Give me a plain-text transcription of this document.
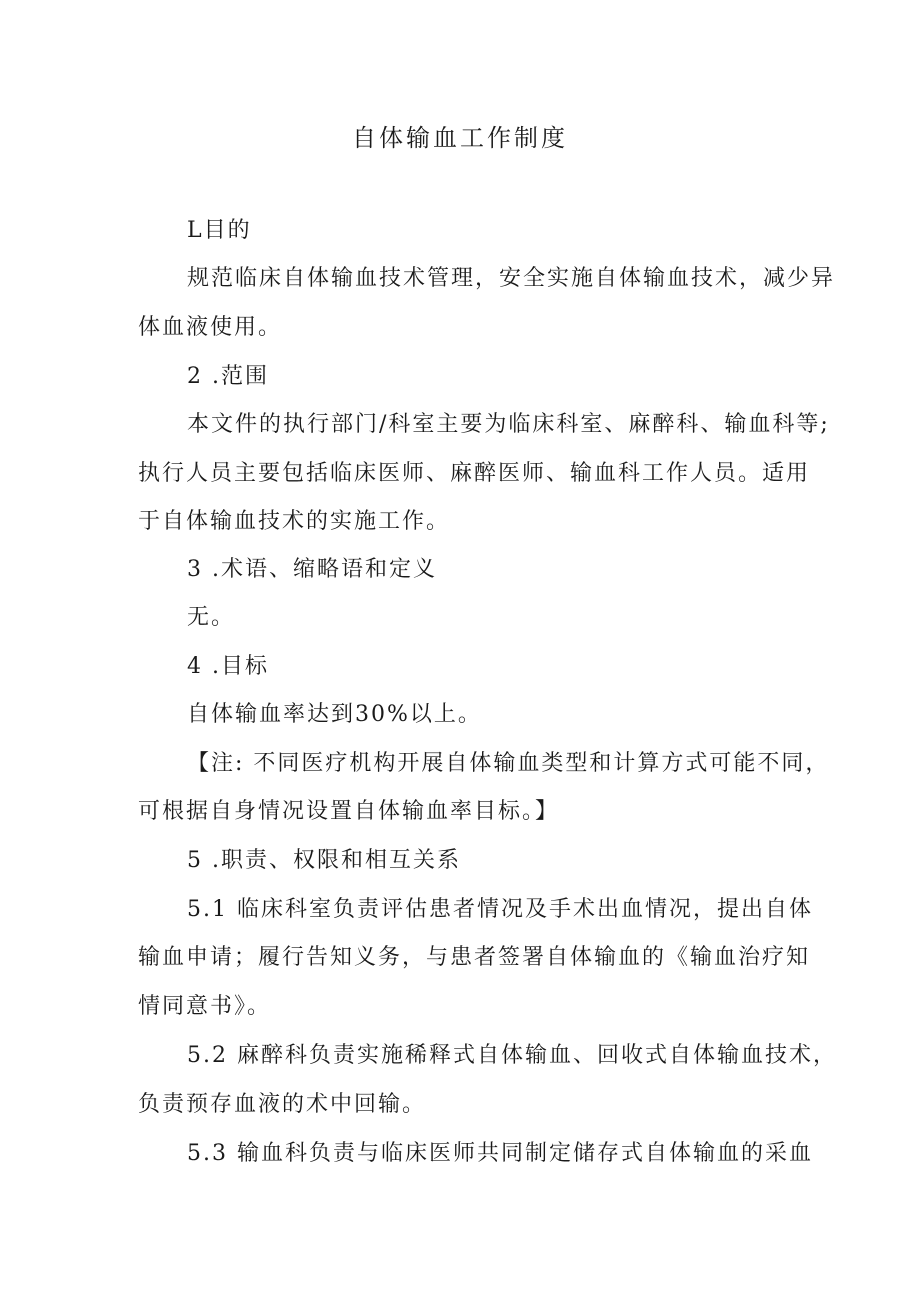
自体输血工作制度
L目的
规范临床自体输血技术管理，安全实施自体输血技术，减少异
体血液使用。
2 .范围
本文件的执行部门/科室主要为临床科室、麻醉科、输血科等;
执行人员主要包括临床医师、麻醉医师、输血科工作人员。适用
于自体输血技术的实施工作。
3 .术语、缩略语和定义
无。
4 .目标
自体输血率达到30%以上。
【注: 不同医疗机构开展自体输血类型和计算方式可能不同，
可根据自身情况设置自体输血率目标。】
5 .职责、权限和相互关系
5.1 临床科室负责评估患者情况及手术出血情况，提出自体
输血申请；履行告知义务，与患者签署自体输血的《输血治疗知
情同意书》。
5.2 麻醉科负责实施稀释式自体输血、回收式自体输血技术，
负责预存血液的术中回输。
5.3 输血科负责与临床医师共同制定储存式自体输血的采血
